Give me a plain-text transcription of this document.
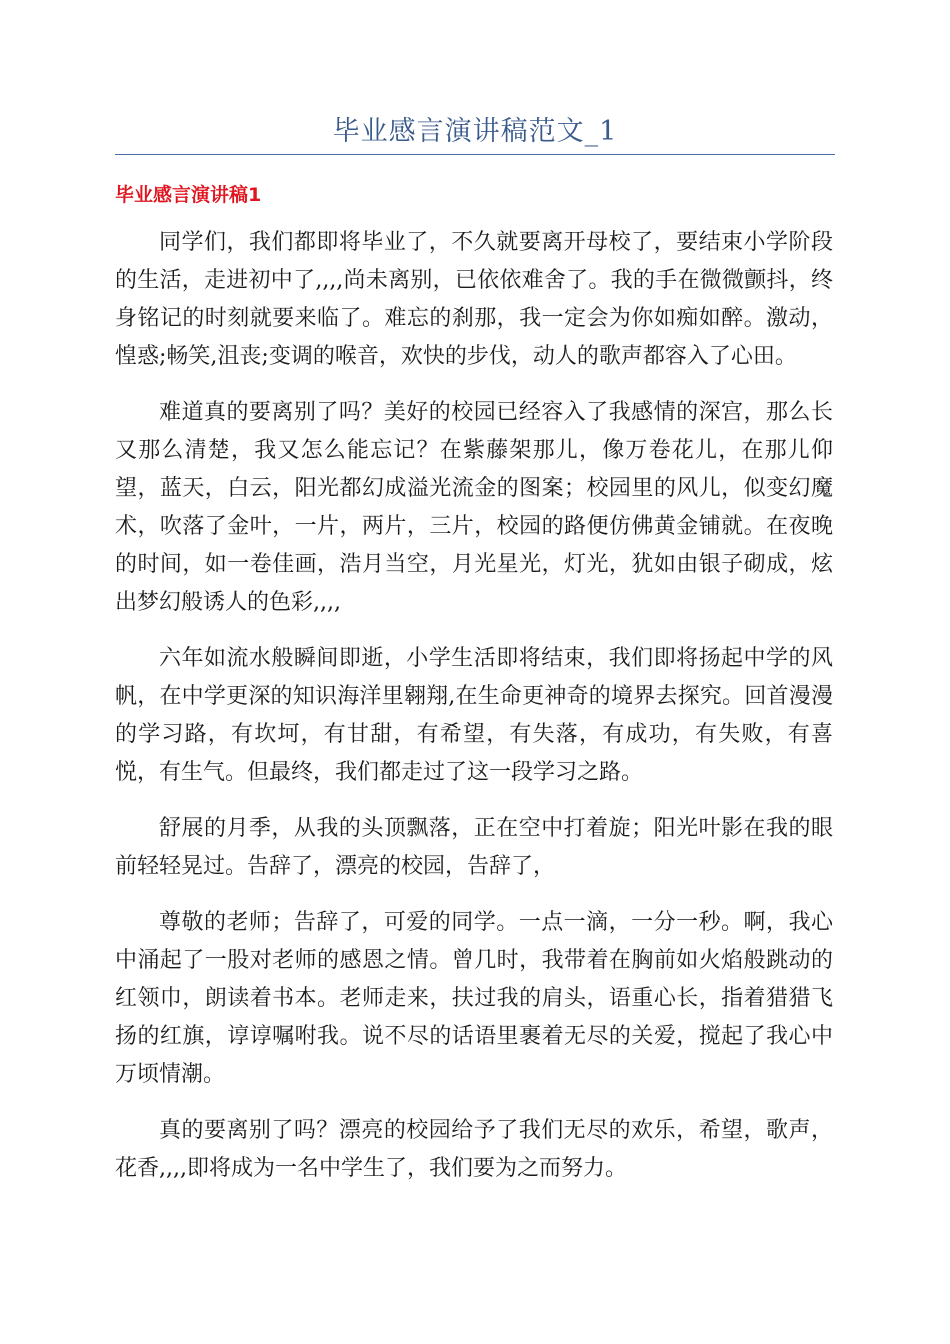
毕业感言演讲稿范文_1
毕业感言演讲稿1

同学们，我们都即将毕业了，不久就要离开母校了，要结束小学阶段的生活，走进初中了,,,,尚未离别，已依依难舍了。我的手在微微颤抖，终身铭记的时刻就要来临了。难忘的刹那，我一定会为你如痴如醉。激动，惶惑;畅笑,沮丧;变调的喉音，欢快的步伐，动人的歌声都容入了心田。

难道真的要离别了吗？美好的校园已经容入了我感情的深宫，那么长又那么清楚，我又怎么能忘记？在紫藤架那儿，像万卷花儿，在那儿仰望，蓝天，白云，阳光都幻成溢光流金的图案；校园里的风儿，似变幻魔术，吹落了金叶，一片，两片，三片，校园的路便仿佛黄金铺就。在夜晚的时间，如一卷佳画，浩月当空，月光星光，灯光，犹如由银子砌成，炫出梦幻般诱人的色彩,,,,

六年如流水般瞬间即逝，小学生活即将结束，我们即将扬起中学的风帆，在中学更深的知识海洋里翱翔,在生命更神奇的境界去探究。回首漫漫的学习路，有坎坷，有甘甜，有希望，有失落，有成功，有失败，有喜悦，有生气。但最终，我们都走过了这一段学习之路。

舒展的月季，从我的头顶飘落，正在空中打着旋；阳光叶影在我的眼前轻轻晃过。告辞了，漂亮的校园，告辞了，

尊敬的老师；告辞了，可爱的同学。一点一滴，一分一秒。啊，我心中涌起了一股对老师的感恩之情。曾几时，我带着在胸前如火焰般跳动的红领巾，朗读着书本。老师走来，扶过我的肩头，语重心长，指着猎猎飞扬的红旗，谆谆嘱咐我。说不尽的话语里裹着无尽的关爱，搅起了我心中万顷情潮。

真的要离别了吗？漂亮的校园给予了我们无尽的欢乐，希望，歌声，花香,,,,即将成为一名中学生了，我们要为之而努力。
